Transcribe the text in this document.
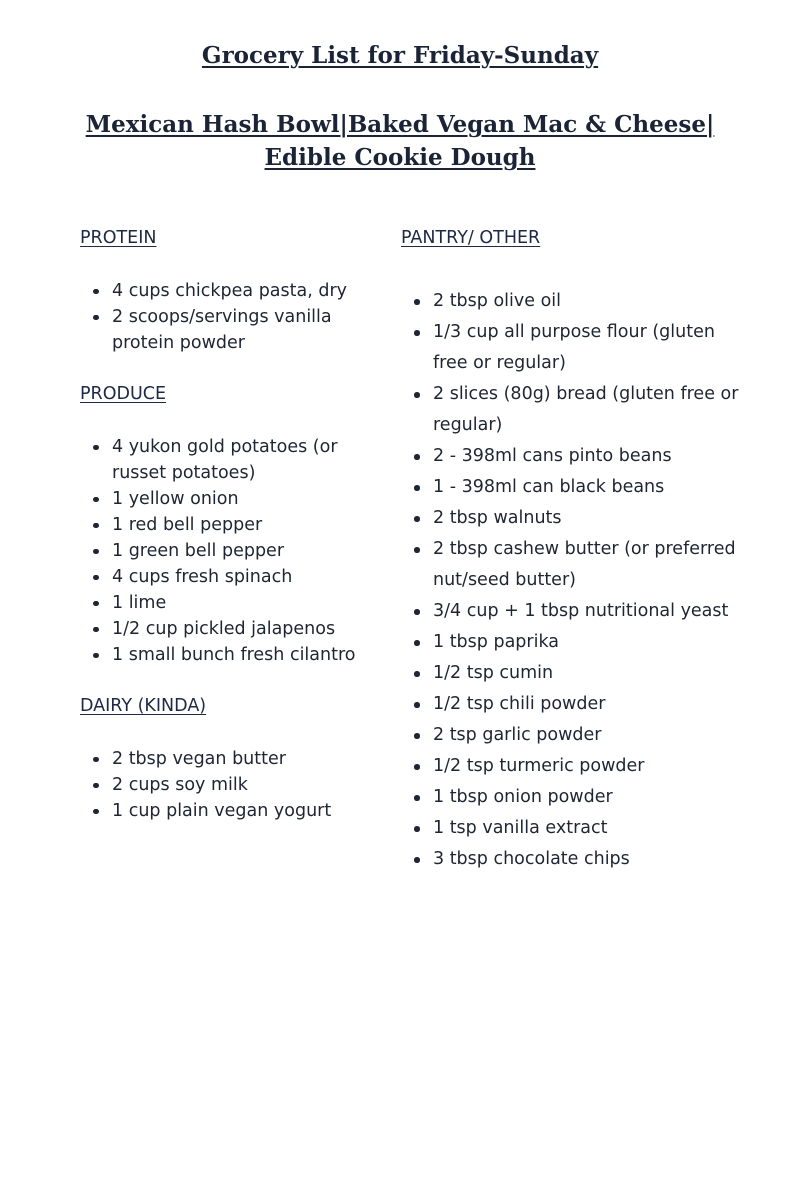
Grocery List for Friday-Sunday
Mexican Hash Bowl|Baked Vegan Mac & Cheese| Edible Cookie Dough
PROTEIN
4 cups chickpea pasta, dry
2 scoops/servings vanilla protein powder
PRODUCE
4 yukon gold potatoes (or russet potatoes)
1 yellow onion
1 red bell pepper
1 green bell pepper
4 cups fresh spinach
1 lime
1/2 cup pickled jalapenos
1 small bunch fresh cilantro
DAIRY (KINDA)
2 tbsp vegan butter
2 cups soy milk
1 cup plain vegan yogurt
PANTRY/ OTHER
2 tbsp olive oil
1/3 cup all purpose flour (gluten free or regular)
2 slices (80g) bread (gluten free or regular)
2 - 398ml cans pinto beans
1 - 398ml can black beans
2 tbsp walnuts
2 tbsp cashew butter (or preferred nut/seed butter)
3/4 cup + 1 tbsp nutritional yeast
1 tbsp paprika
1/2 tsp cumin
1/2 tsp chili powder
2 tsp garlic powder
1/2 tsp turmeric powder
1 tbsp onion powder
1 tsp vanilla extract
3 tbsp chocolate chips
